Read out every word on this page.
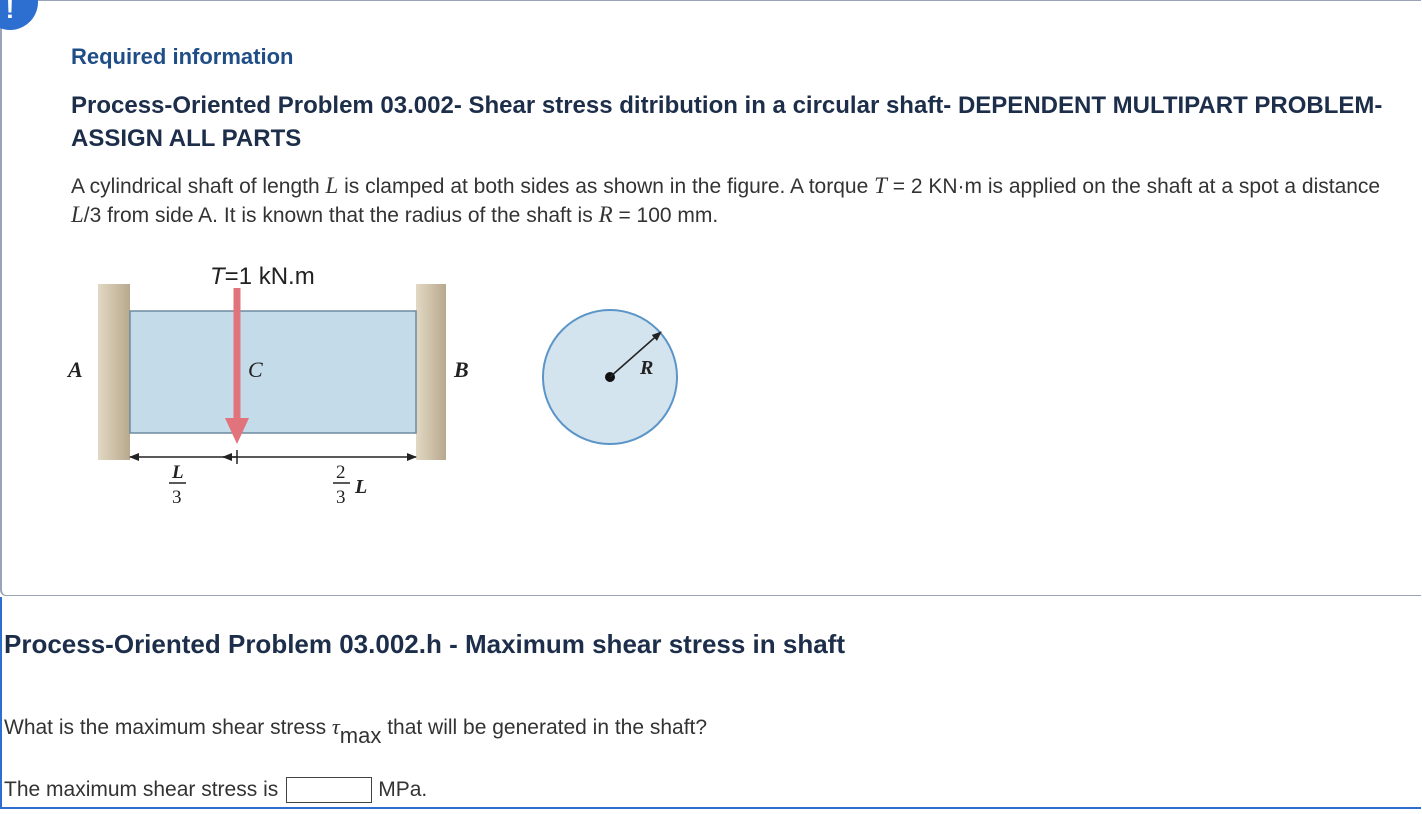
!
Required information
Process-Oriented Problem 03.002- Shear stress ditribution in a circular shaft- DEPENDENT MULTIPART PROBLEM- ASSIGN ALL PARTS
A cylindrical shaft of length L is clamped at both sides as shown in the figure. A torque T = 2 KN·m is applied on the shaft at a spot a distance L/3 from side A. It is known that the radius of the shaft is R = 100 mm.
T=1 kN.m
A	C	B
L
3
2
3 L
R
Process-Oriented Problem 03.002.h - Maximum shear stress in shaft
What is the maximum shear stress $\tau_{max}$ that will be generated in the shaft?
The maximum shear stress is	MPa.
